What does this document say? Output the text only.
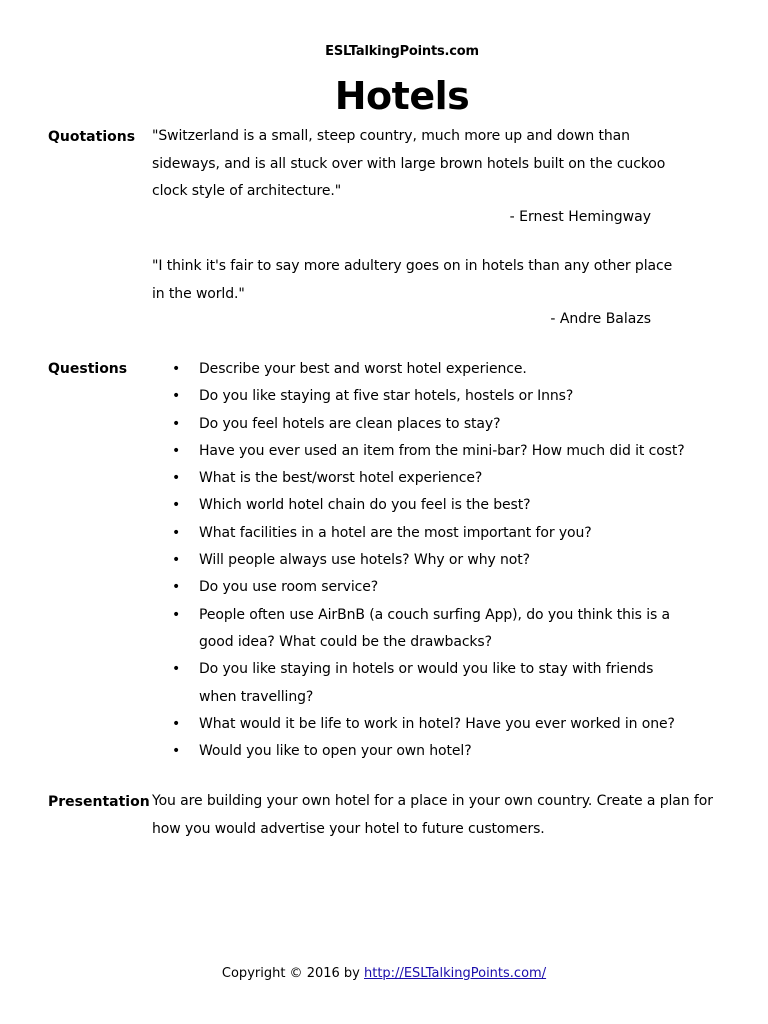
ESLTalkingPoints.com
Hotels
Quotations "Switzerland is a small, steep country, much more up and down than
sideways, and is all stuck over with large brown hotels built on the cuckoo
clock style of architecture."
- Ernest Hemingway
"I think it's fair to say more adultery goes on in hotels than any other place
in the world."
- Andre Balazs
Questions	• Describe your best and worst hotel experience.
• Do you like staying at five star hotels, hostels or Inns?
• Do you feel hotels are clean places to stay?
• Have you ever used an item from the mini-bar? How much did it cost?
• What is the best/worst hotel experience?
• Which world hotel chain do you feel is the best?
• What facilities in a hotel are the most important for you?
• Will people always use hotels? Why or why not?
• Do you use room service?
• People often use AirBnB (a couch surfing App), do you think this is a good idea? What could be the drawbacks?
• Do you like staying in hotels or would you like to stay with friends when travelling?
• What would it be life to work in hotel? Have you ever worked in one?
• Would you like to open your own hotel?
Presentation You are building your own hotel for a place in your own country. Create a plan for
how you would advertise your hotel to future customers.
Copyright © 2016 by http://ESLTalkingPoints.com/
